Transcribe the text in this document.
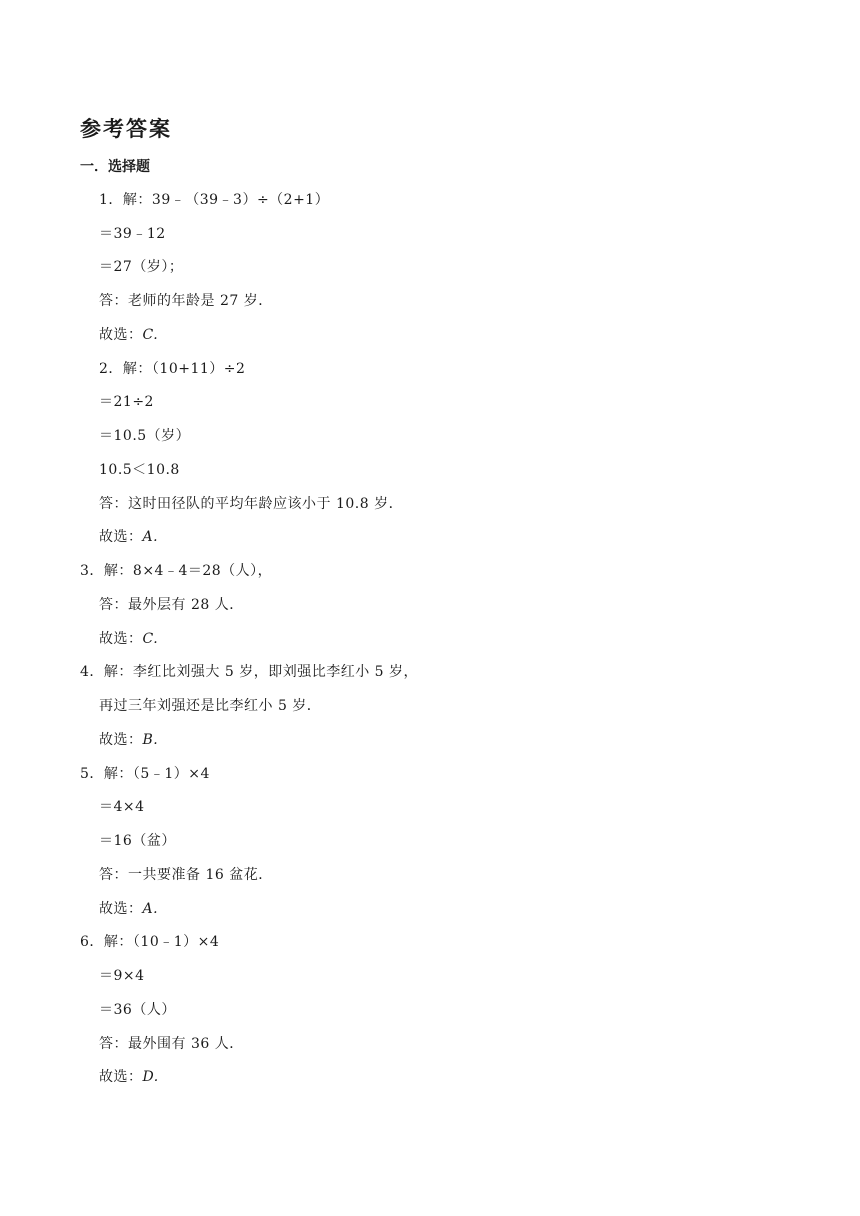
参考答案
一．选择题
1．解：39﹣（39﹣3）÷（2+1）
＝39﹣12
＝27（岁）；
答：老师的年龄是 27 岁．
故选：C.
2．解：（10+11）÷2
＝21÷2
＝10.5（岁）
10.5＜10.8
答：这时田径队的平均年龄应该小于 10.8 岁．
故选：A.
3．解：8×4﹣4＝28（人），
答：最外层有 28 人．
故选：C.
4．解：李红比刘强大 5 岁，即刘强比李红小 5 岁，
再过三年刘强还是比李红小 5 岁．
故选：B.
5．解：（5﹣1）×4
＝4×4
＝16（盆）
答：一共要准备 16 盆花．
故选：A.
6．解：（10﹣1）×4
＝9×4
＝36（人）
答：最外围有 36 人．
故选：D.
